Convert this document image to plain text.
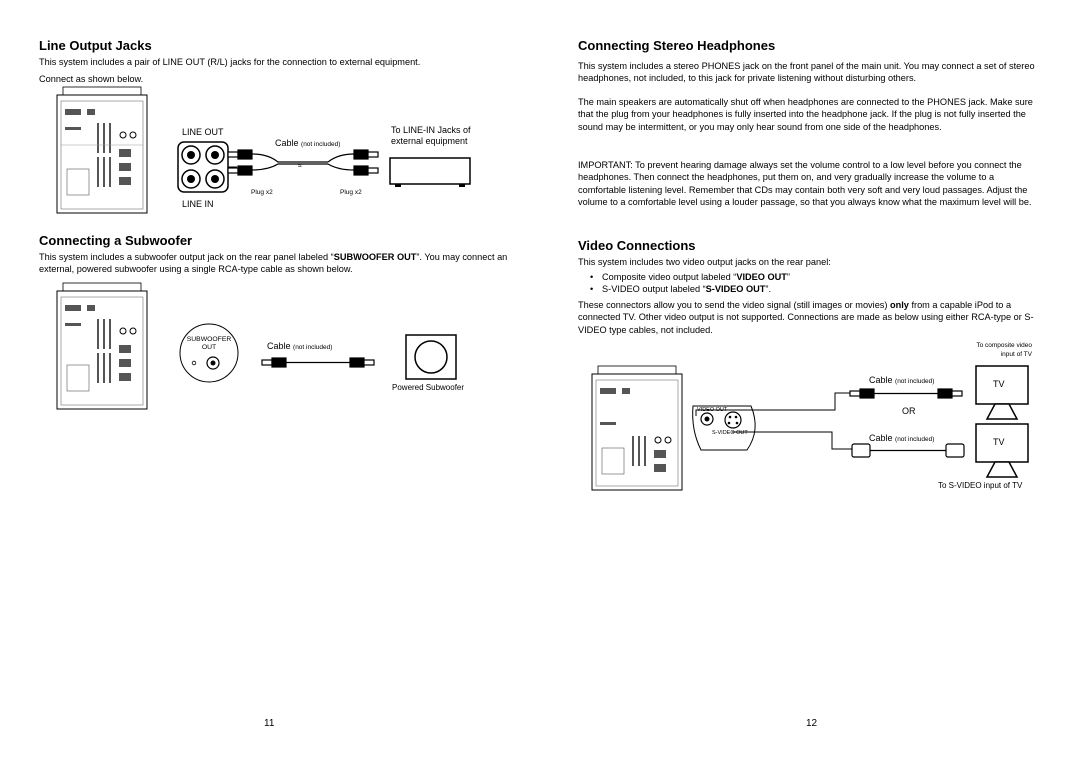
Line Output Jacks

This system includes a pair of LINE OUT (R/L) jacks for the connection to external equipment.

Connect as shown below.

LINE OUT
LINE IN
≈
Cable (not included)
Plug x2	Plug x2
To LINE-IN Jacks of
external equipment
Connecting a Subwoofer

This system includes a subwoofer output jack on the rear panel labeled “SUBWOOFER OUT”. You may connect an external, powered subwoofer using a single RCA-type cable as shown below.

SUBWOOFER
OUT	Cable (not included)
Powered Subwoofer
11
Connecting Stereo Headphones

This system includes a stereo PHONES jack on the front panel of the main unit. You may connect a set of stereo headphones, not included, to this jack for private listening without disturbing others.

The main speakers are automatically shut off when headphones are connected to the PHONES jack. Make sure that the plug from your headphones is fully inserted into the headphone jack. If the plug is not fully inserted the sound may be intermittent, or you may only hear sound from one side of the headphones.

IMPORTANT: To prevent hearing damage always set the volume control to a low level before you connect the headphones. Then connect the headphones, put them on, and very gradually increase the volume to a comfortable listening level. Remember that CDs may contain both very soft and very loud passages. Adjust the volume to a comfortable level using a louder passage, so that you always know what the maximum level will be.

Video Connections

This system includes two video output jacks on the rear panel:

• Composite video output labeled “VIDEO OUT”
• S-VIDEO output labeled “S-VIDEO OUT”.

These connectors allow you to send the video signal (still images or movies) only from a capable iPod to a connected TV. Other video output is not supported. Connections are made as below using either RCA-type or S-VIDEO type cables, not included.

VIDEO OUT
S-VIDEO OUT
Cable (not included)
To composite video
input of TV
TV
OR
Cable (not included)	TV
To S-VIDEO input of TV
12
